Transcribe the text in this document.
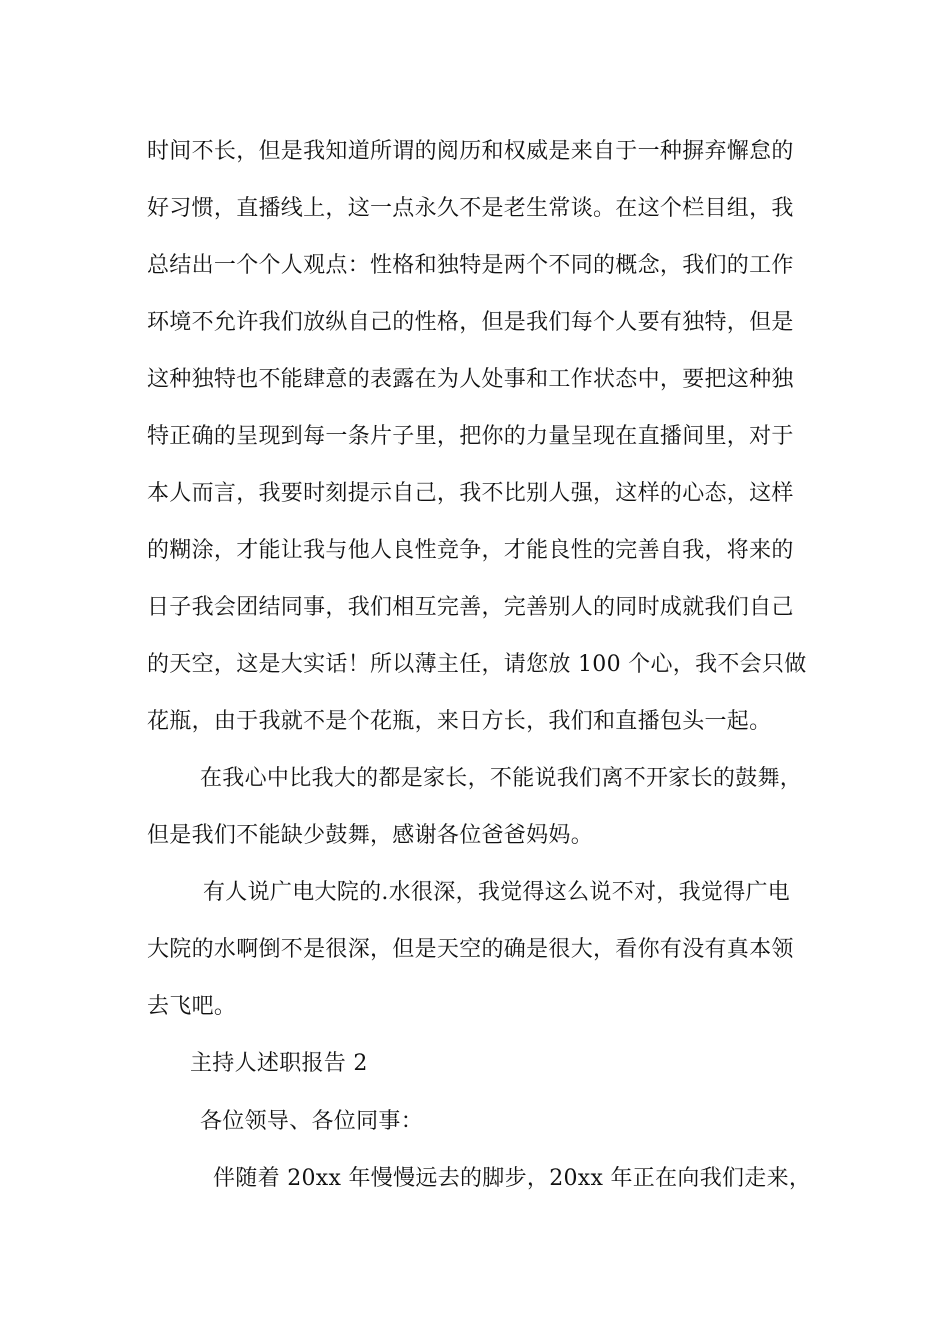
时间不长，但是我知道所谓的阅历和权威是来自于一种摒弃懈怠的
好习惯，直播线上，这一点永久不是老生常谈。在这个栏目组，我
总结出一个个人观点：性格和独特是两个不同的概念，我们的工作
环境不允许我们放纵自己的性格，但是我们每个人要有独特，但是
这种独特也不能肆意的表露在为人处事和工作状态中，要把这种独
特正确的呈现到每一条片子里，把你的力量呈现在直播间里，对于
本人而言，我要时刻提示自己，我不比别人强，这样的心态，这样
的糊涂，才能让我与他人良性竞争，才能良性的完善自我，将来的
日子我会团结同事，我们相互完善，完善别人的同时成就我们自己
的天空，这是大实话！所以薄主任，请您放 100 个心，我不会只做
花瓶，由于我就不是个花瓶，来日方长，我们和直播包头一起。
在我心中比我大的都是家长，不能说我们离不开家长的鼓舞，
但是我们不能缺少鼓舞，感谢各位爸爸妈妈。
有人说广电大院的.水很深，我觉得这么说不对，我觉得广电
大院的水啊倒不是很深，但是天空的确是很大，看你有没有真本领
去飞吧。
主持人述职报告 2
各位领导、各位同事：
伴随着 20xx 年慢慢远去的脚步，20xx 年正在向我们走来，
